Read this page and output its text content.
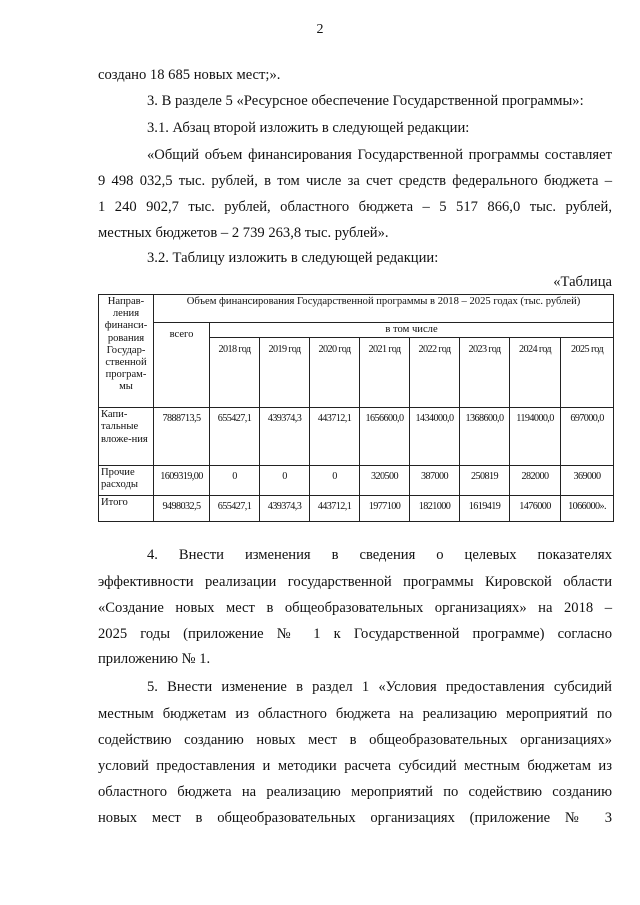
2
создано 18 685 новых мест;».
3. В разделе 5 «Ресурсное обеспечение Государственной программы»:
3.1. Абзац второй изложить в следующей редакции:
«Общий объем финансирования Государственной программы составляет
9 498 032,5 тыс. рублей, в том числе за счет средств федерального бюджета –
1 240 902,7 тыс. рублей, областного бюджета – 5 517 866,0 тыс. рублей,
местных бюджетов – 2 739 263,8 тыс. рублей».
3.2. Таблицу изложить в следующей редакции:
«Таблица
Направ-ления финанси-рования Государ-ственной програм-мы	Объем финансирования Государственной программы в 2018 – 2025 годах (тыс. рублей)								
	всего	в том числе							
		2018 год	2019 год	2020 год	2021 год	2022 год	2023 год	2024 год	2025 год
Капи-тальные вложе-ния	7888713,5	655427,1	439374,3	443712,1	1656600,0	1434000,0	1368600,0	1194000,0	697000,0
Прочие расходы	1609319,00	0	0	0	320500	387000	250819	282000	369000
Итого	9498032,5	655427,1	439374,3	443712,1	1977100	1821000	1619419	1476000	1066000».
4. Внести изменения в сведения о целевых показателях
эффективности реализации государственной программы Кировской области
«Создание новых мест в общеобразовательных организациях» на 2018 –
2025 годы (приложение № 1 к Государственной программе) согласно
приложению № 1.
5. Внести изменение в раздел 1 «Условия предоставления субсидий
местным бюджетам из областного бюджета на реализацию мероприятий по
содействию созданию новых мест в общеобразовательных организациях»
условий предоставления и методики расчета субсидий местным бюджетам из
областного бюджета на реализацию мероприятий по содействию созданию
новых мест в общеобразовательных организациях (приложение № 3
